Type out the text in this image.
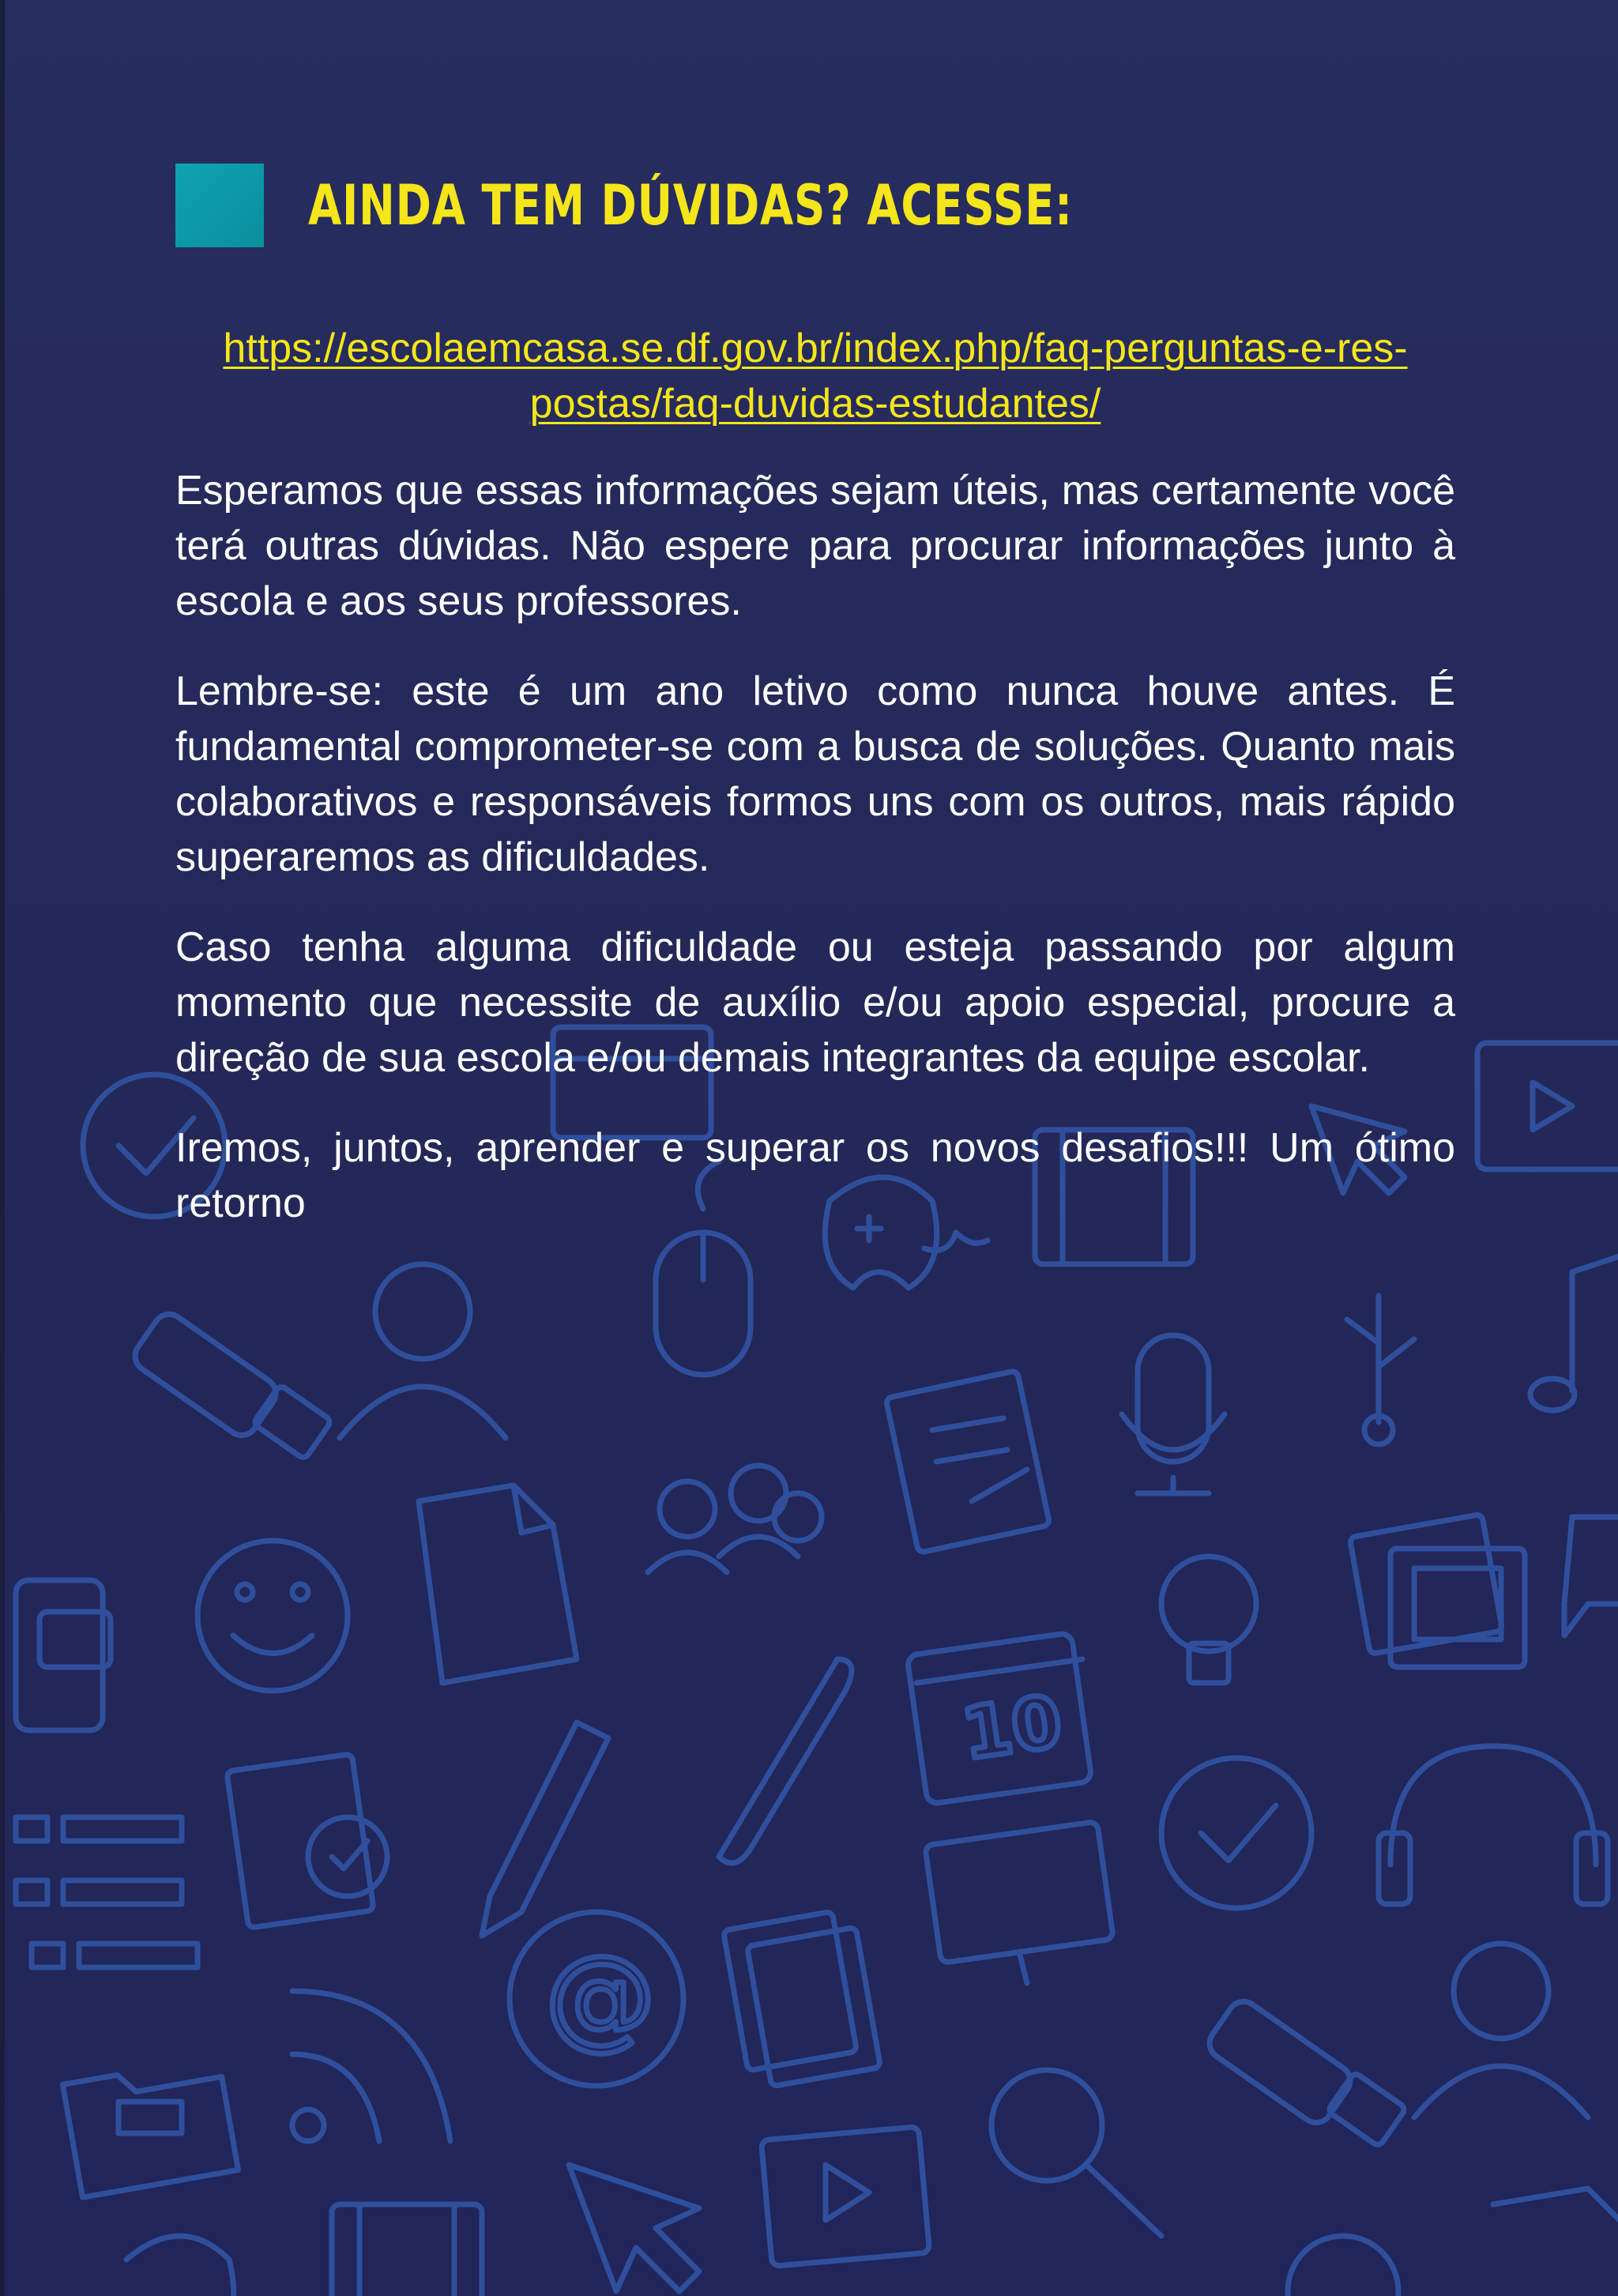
10
@
AINDA TEM DÚVIDAS? ACESSE:
https://escolaemcasa.se.df.gov.br/index.php/faq-perguntas-e-res-
postas/faq-duvidas-estudantes/

Esperamos que essas informações sejam úteis, mas certamente você terá outras dúvidas. Não espere para procurar informações junto à escola e aos seus professores.

Lembre-se: este é um ano letivo como nunca houve antes. É fundamental comprometer-se com a busca de soluções. Quanto mais colaborativos e responsáveis formos uns com os outros, mais rápido superaremos as dificuldades.

Caso tenha alguma dificuldade ou esteja passando por algum momento que necessite de auxílio e/ou apoio especial, procure a direção de sua escola e/ou demais integrantes da equipe escolar.

Iremos, juntos, aprender e superar os novos desafios!!! Um ótimo retorno
